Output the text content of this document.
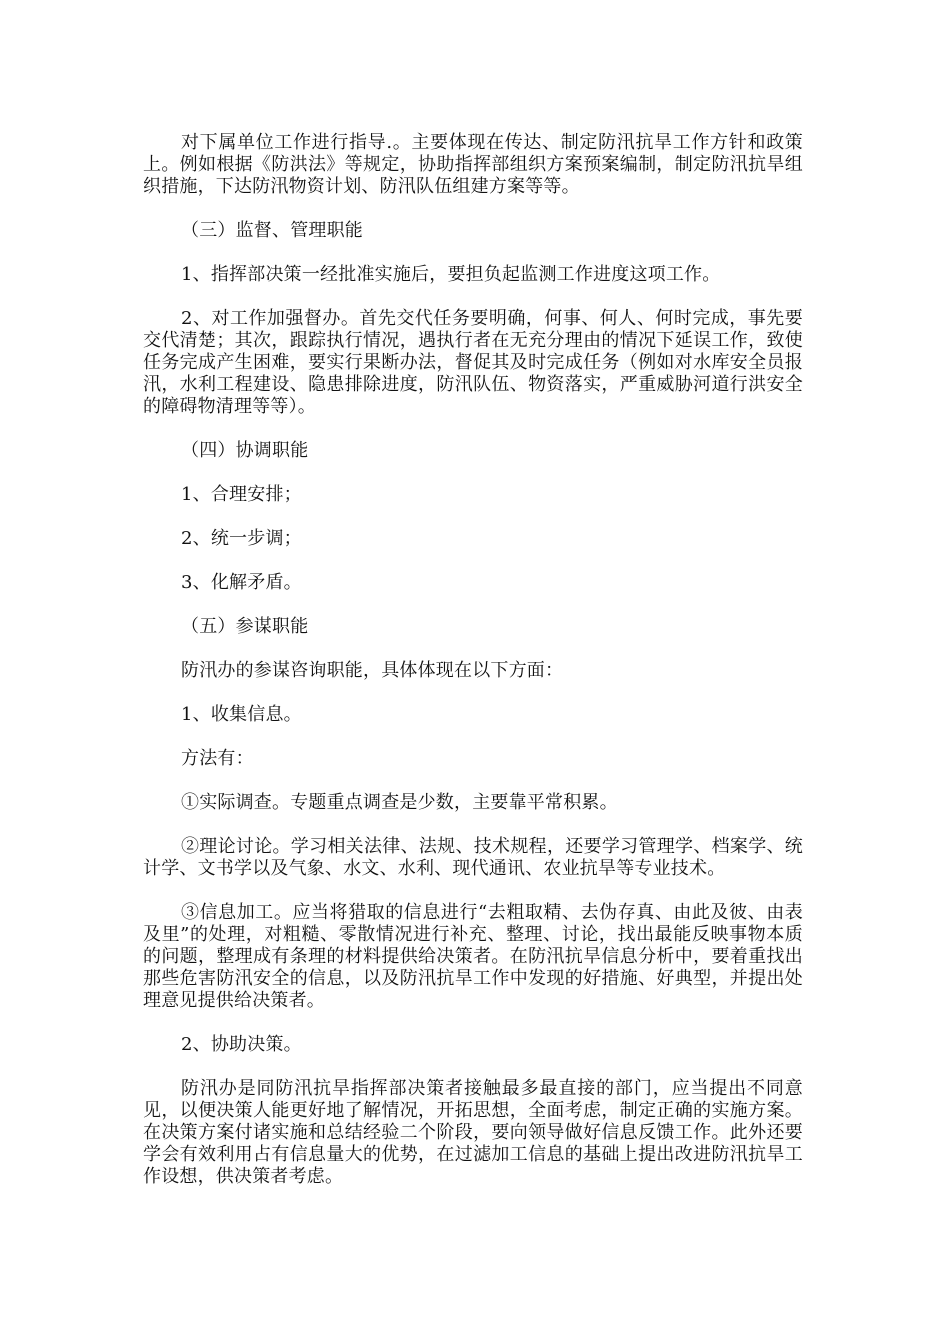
对下属单位工作进行指导.。主要体现在传达、制定防汛抗旱工作方针和政策上。例如根据《防洪法》等规定，协助指挥部组织方案预案编制，制定防汛抗旱组织措施，下达防汛物资计划、防汛队伍组建方案等等。

（三）监督、管理职能

1、指挥部决策一经批准实施后，要担负起监测工作进度这项工作。

2、对工作加强督办。首先交代任务要明确，何事、何人、何时完成，事先要交代清楚；其次，跟踪执行情况，遇执行者在无充分理由的情况下延误工作，致使任务完成产生困难，要实行果断办法，督促其及时完成任务（例如对水库安全员报汛，水利工程建设、隐患排除进度，防汛队伍、物资落实，严重威胁河道行洪安全的障碍物清理等等）。

（四）协调职能

1、合理安排；

2、统一步调；

3、化解矛盾。

（五）参谋职能

防汛办的参谋咨询职能，具体体现在以下方面：

1、收集信息。

方法有：

①实际调查。专题重点调查是少数，主要靠平常积累。

②理论讨论。学习相关法律、法规、技术规程，还要学习管理学、档案学、统计学、文书学以及气象、水文、水利、现代通讯、农业抗旱等专业技术。

③信息加工。应当将猎取的信息进行“去粗取精、去伪存真、由此及彼、由表及里”的处理，对粗糙、零散情况进行补充、整理、讨论，找出最能反映事物本质的问题，整理成有条理的材料提供给决策者。在防汛抗旱信息分析中，要着重找出那些危害防汛安全的信息，以及防汛抗旱工作中发现的好措施、好典型，并提出处理意见提供给决策者。

2、协助决策。

防汛办是同防汛抗旱指挥部决策者接触最多最直接的部门，应当提出不同意见，以便决策人能更好地了解情况，开拓思想，全面考虑，制定正确的实施方案。在决策方案付诸实施和总结经验二个阶段，要向领导做好信息反馈工作。此外还要学会有效利用占有信息量大的优势，在过滤加工信息的基础上提出改进防汛抗旱工作设想，供决策者考虑。
